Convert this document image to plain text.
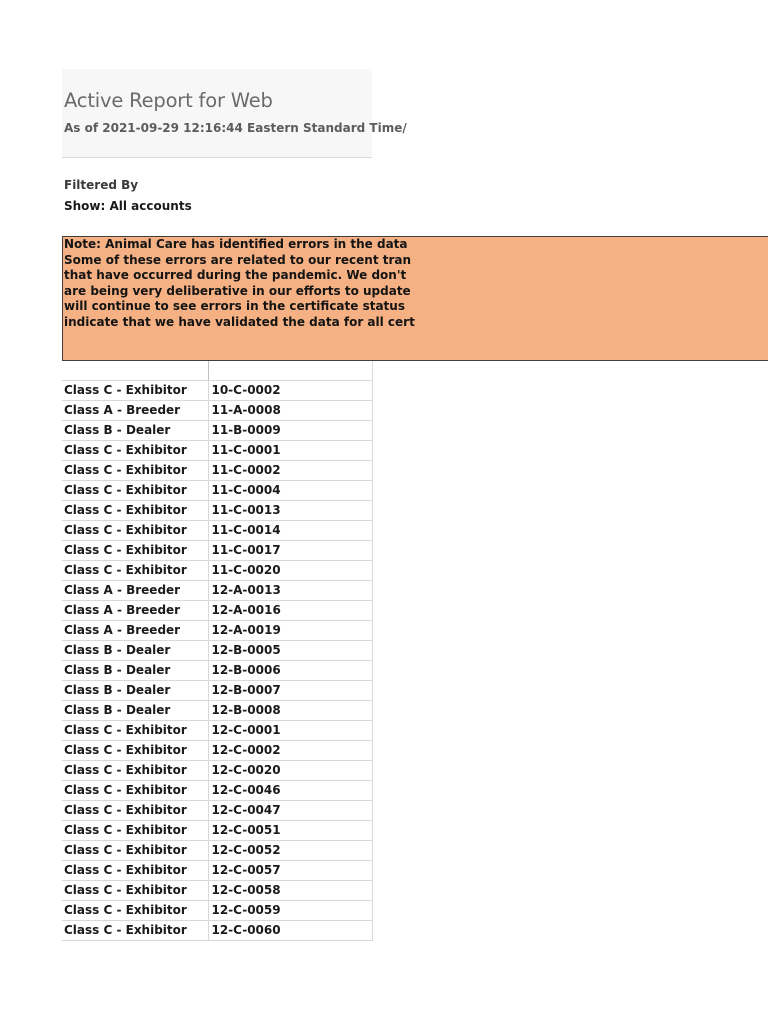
Active Report for Web
As of 2021-09-29 12:16:44 Eastern Standard Time/
Filtered By
Show: All accounts
Note: Animal Care has identified errors in the data
Some of these errors are related to our recent tran
that have occurred during the pandemic. We don't
are being very deliberative in our efforts to update
will continue to see errors in the certificate status
indicate that we have validated the data for all cert

Class C - Exhibitor	10-C-0002
Class A - Breeder	11-A-0008
Class B - Dealer	11-B-0009
Class C - Exhibitor	11-C-0001
Class C - Exhibitor	11-C-0002
Class C - Exhibitor	11-C-0004
Class C - Exhibitor	11-C-0013
Class C - Exhibitor	11-C-0014
Class C - Exhibitor	11-C-0017
Class C - Exhibitor	11-C-0020
Class A - Breeder	12-A-0013
Class A - Breeder	12-A-0016
Class A - Breeder	12-A-0019
Class B - Dealer	12-B-0005
Class B - Dealer	12-B-0006
Class B - Dealer	12-B-0007
Class B - Dealer	12-B-0008
Class C - Exhibitor	12-C-0001
Class C - Exhibitor	12-C-0002
Class C - Exhibitor	12-C-0020
Class C - Exhibitor	12-C-0046
Class C - Exhibitor	12-C-0047
Class C - Exhibitor	12-C-0051
Class C - Exhibitor	12-C-0052
Class C - Exhibitor	12-C-0057
Class C - Exhibitor	12-C-0058
Class C - Exhibitor	12-C-0059
Class C - Exhibitor	12-C-0060
